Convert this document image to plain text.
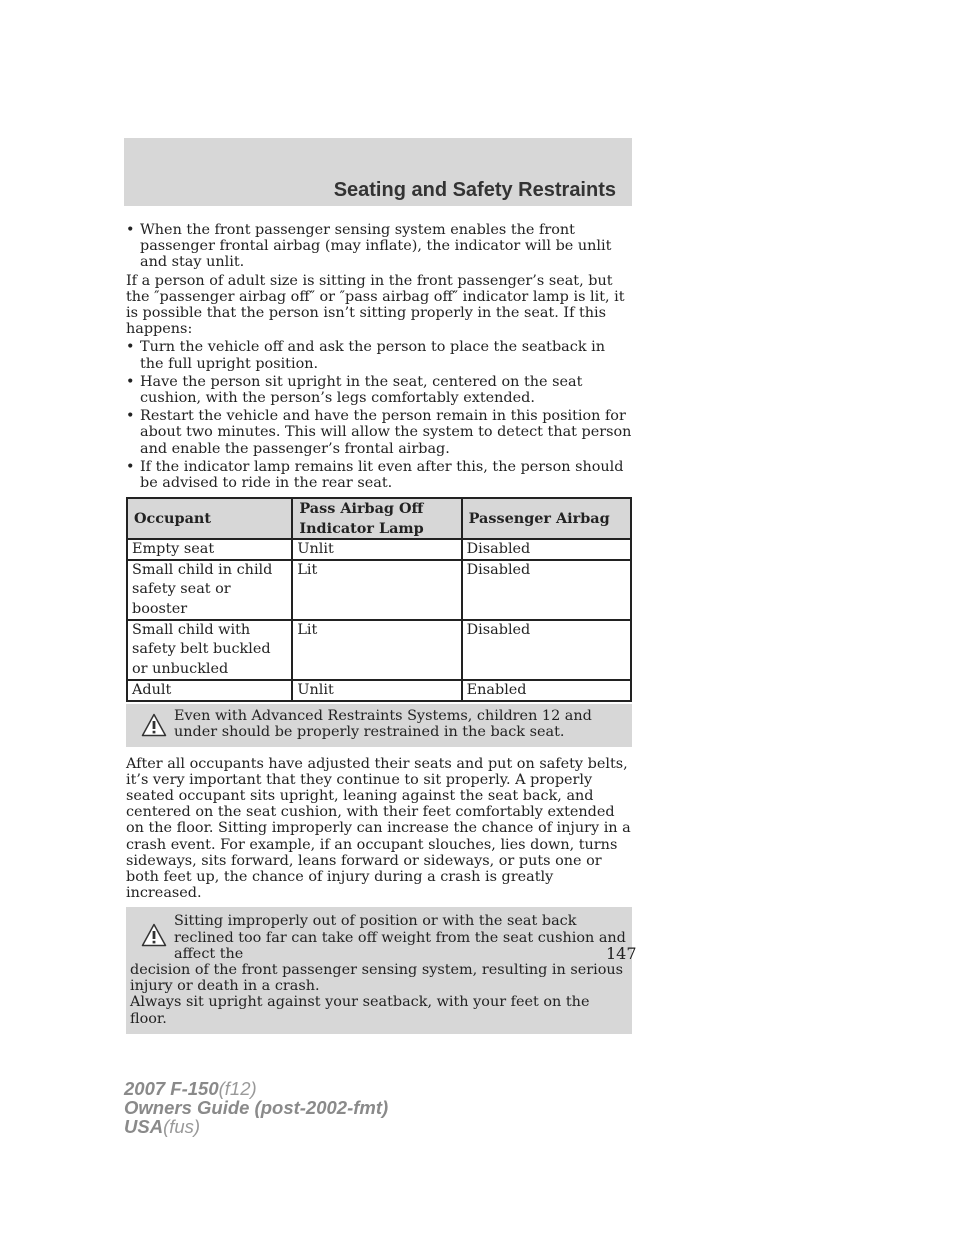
Seating and Safety Restraints
• When the front passenger sensing system enables the front passenger frontal airbag (may inflate), the indicator will be unlit and stay unlit.

If a person of adult size is sitting in the front passenger’s seat, but the ″passenger airbag off″ or ″pass airbag off″ indicator lamp is lit, it is possible that the person isn’t sitting properly in the seat. If this happens:

• Turn the vehicle off and ask the person to place the seatback in the full upright position.
• Have the person sit upright in the seat, centered on the seat cushion, with the person’s legs comfortably extended.
• Restart the vehicle and have the person remain in this position for about two minutes. This will allow the system to detect that person and enable the passenger’s frontal airbag.
• If the indicator lamp remains lit even after this, the person should be advised to ride in the rear seat.
Occupant	Pass Airbag Off Indicator Lamp	Passenger Airbag
Empty seat	Unlit	Disabled
Small child in child safety seat or booster	Lit	Disabled
Small child with safety belt buckled or unbuckled	Lit	Disabled
Adult	Unlit	Enabled
Even with Advanced Restraints Systems, children 12 and under should be properly restrained in the back seat.

After all occupants have adjusted their seats and put on safety belts, it’s very important that they continue to sit properly. A properly seated occupant sits upright, leaning against the seat back, and centered on the seat cushion, with their feet comfortably extended on the floor. Sitting improperly can increase the chance of injury in a crash event. For example, if an occupant slouches, lies down, turns sideways, sits forward, leans forward or sideways, or puts one or both feet up, the chance of injury during a crash is greatly increased.

Sitting improperly out of position or with the seat back reclined too far can take off weight from the seat cushion and affect the
decision of the front passenger sensing system, resulting in serious injury or death in a crash.
Always sit upright against your seatback, with your feet on the floor.
147
2007 F-150(f12)
Owners Guide (post-2002-fmt)
USA(fus)
